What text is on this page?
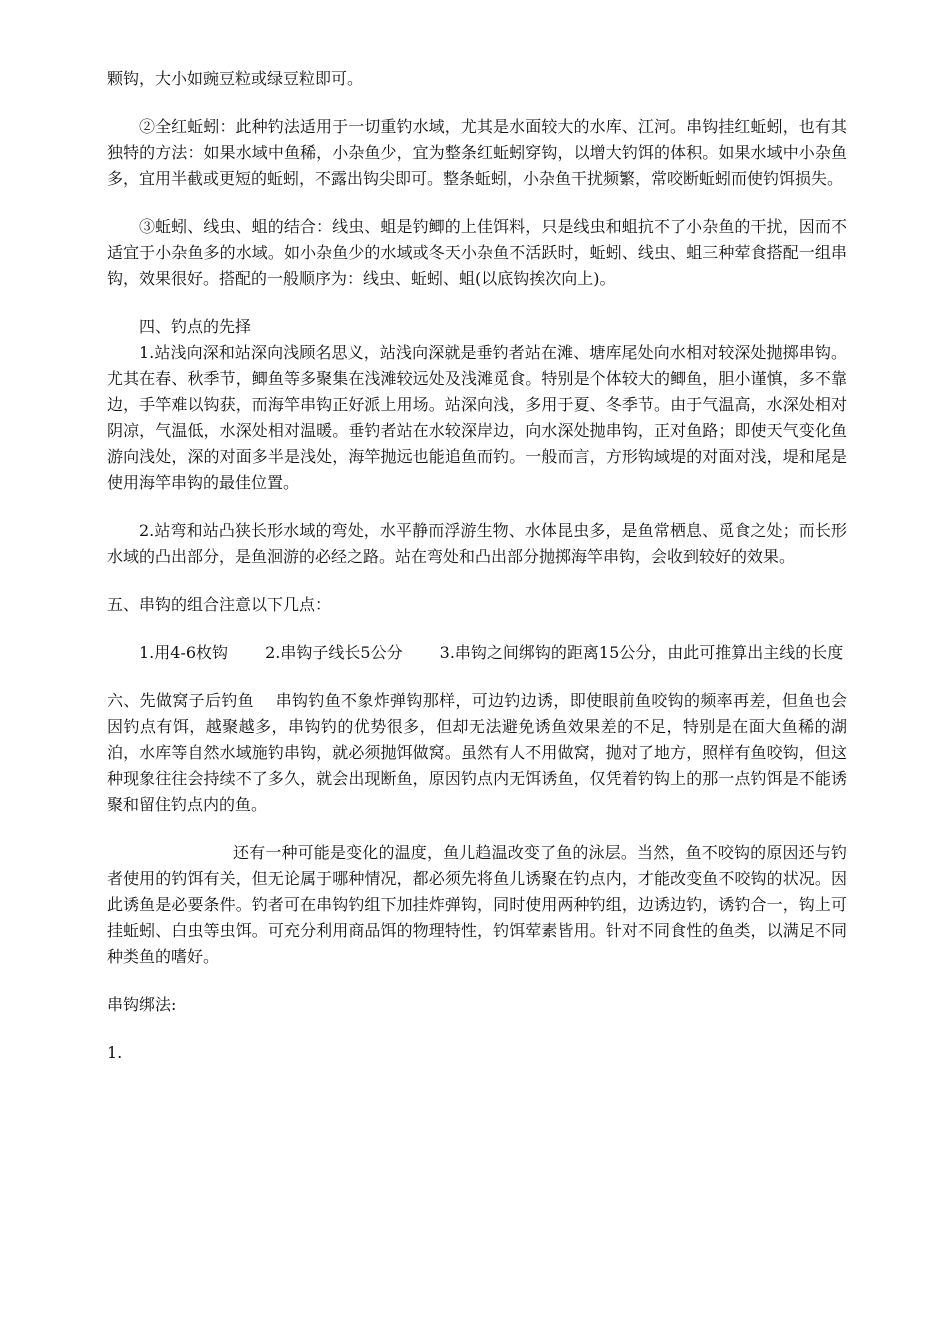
颗钩，大小如豌豆粒或绿豆粒即可。

②全红蚯蚓：此种钓法适用于一切重钓水域，尤其是水面较大的水库、江河。串钩挂红蚯蚓，也有其独特的方法：如果水域中鱼稀，小杂鱼少，宜为整条红蚯蚓穿钩，以增大钓饵的体积。如果水域中小杂鱼多，宜用半截或更短的蚯蚓，不露出钩尖即可。整条蚯蚓，小杂鱼干扰频繁，常咬断蚯蚓而使钓饵损失。

③蚯蚓、线虫、蛆的结合：线虫、蛆是钓鲫的上佳饵料，只是线虫和蛆抗不了小杂鱼的干扰，因而不适宜于小杂鱼多的水域。如小杂鱼少的水域或冬天小杂鱼不活跃时，蚯蚓、线虫、蛆三种荤食搭配一组串钩，效果很好。搭配的一般顺序为：线虫、蚯蚓、蛆(以底钩挨次向上)。

四、钓点的先择

1.站浅向深和站深向浅顾名思义，站浅向深就是垂钓者站在滩、塘库尾处向水相对较深处抛掷串钩。尤其在春、秋季节，鲫鱼等多聚集在浅滩较远处及浅滩觅食。特别是个体较大的鲫鱼，胆小谨慎，多不靠边，手竿难以钩获，而海竿串钩正好派上用场。站深向浅，多用于夏、冬季节。由于气温高，水深处相对阴凉，气温低，水深处相对温暖。垂钓者站在水较深岸边，向水深处抛串钩，正对鱼路；即使天气变化鱼游向浅处，深的对面多半是浅处，海竿抛远也能追鱼而钓。一般而言，方形钩域堤的对面对浅，堤和尾是使用海竿串钩的最佳位置。

2.站弯和站凸狭长形水域的弯处，水平静而浮游生物、水体昆虫多，是鱼常栖息、觅食之处；而长形水域的凸出部分，是鱼洄游的必经之路。站在弯处和凸出部分抛掷海竿串钩，会收到较好的效果。

五、串钩的组合注意以下几点：

1.用4-6枚钩　　 2.串钩子线长5公分　　 3.串钩之间绑钩的距离15公分，由此可推算出主线的长度

六、先做窝子后钓鱼　 串钩钓鱼不象炸弹钩那样，可边钓边诱，即使眼前鱼咬钩的频率再差，但鱼也会因钓点有饵，越聚越多，串钩钓的优势很多，但却无法避免诱鱼效果差的不足，特别是在面大鱼稀的湖泊，水库等自然水域施钓串钩，就必须抛饵做窝。虽然有人不用做窝，抛对了地方，照样有鱼咬钩，但这种现象往往会持续不了多久，就会出现断鱼，原因钓点内无饵诱鱼，仅凭着钓钩上的那一点钓饵是不能诱聚和留住钓点内的鱼。

还有一种可能是变化的温度，鱼儿趋温改变了鱼的泳层。当然，鱼不咬钩的原因还与钓者使用的钓饵有关，但无论属于哪种情况，都必须先将鱼儿诱聚在钓点内，才能改变鱼不咬钩的状况。因此诱鱼是必要条件。钓者可在串钩钓组下加挂炸弹钩，同时使用两种钓组，边诱边钓，诱钓合一，钩上可挂蚯蚓、白虫等虫饵。可充分利用商品饵的物理特性，钓饵荤素皆用。针对不同食性的鱼类，以满足不同种类鱼的嗜好。

串钩绑法:

1.
